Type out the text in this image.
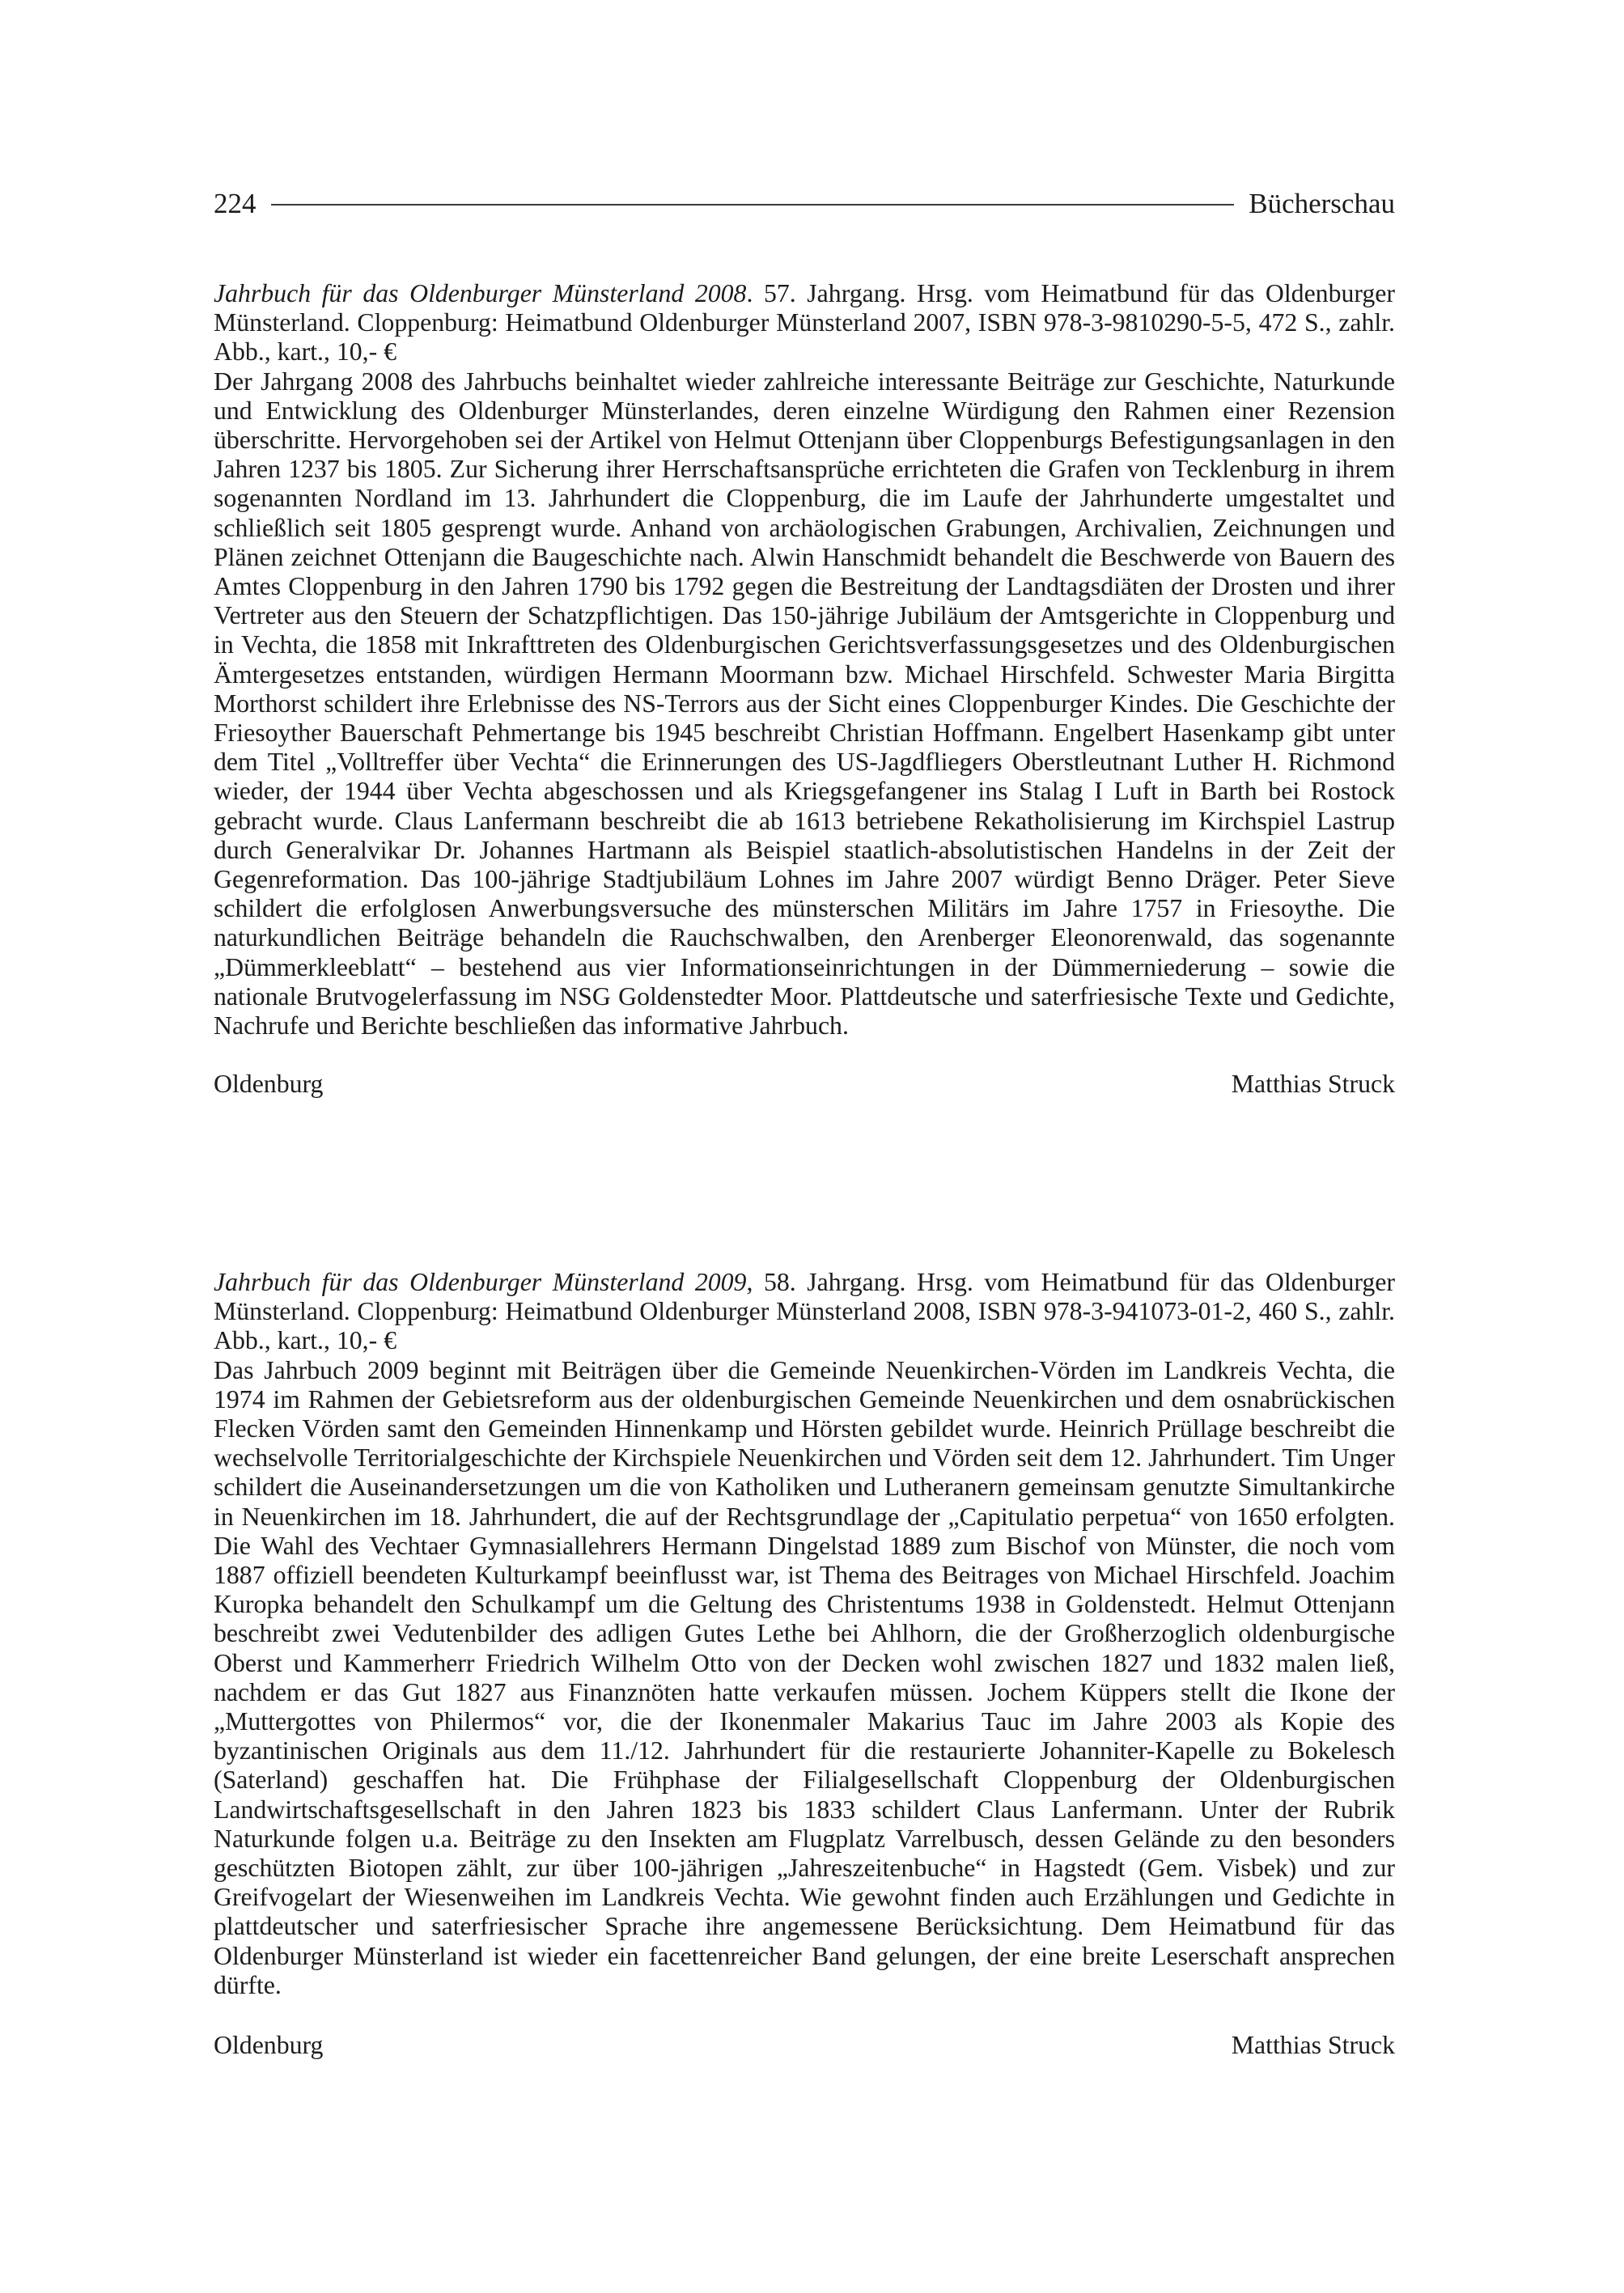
224	Bücherschau

Jahrbuch für das Oldenburger Münsterland 2008. 57. Jahrgang. Hrsg. vom Heimatbund für das Oldenburger Münsterland. Cloppenburg: Heimatbund Oldenburger Münsterland 2007, ISBN 978-3-9810290-5-5, 472 S., zahlr. Abb., kart., 10,- €

Der Jahrgang 2008 des Jahrbuchs beinhaltet wieder zahlreiche interessante Beiträge zur Geschichte, Naturkunde und Entwicklung des Oldenburger Münsterlandes, deren einzelne Würdigung den Rahmen einer Rezension überschritte. Hervorgehoben sei der Artikel von Helmut Ottenjann über Cloppenburgs Befestigungsanlagen in den Jahren 1237 bis 1805. Zur Sicherung ihrer Herrschaftsansprüche errichteten die Grafen von Tecklenburg in ihrem sogenannten Nordland im 13. Jahrhundert die Cloppenburg, die im Laufe der Jahrhunderte umgestaltet und schließlich seit 1805 gesprengt wurde. Anhand von archäologischen Grabungen, Archivalien, Zeichnungen und Plänen zeichnet Ottenjann die Baugeschichte nach. Alwin Hanschmidt behandelt die Beschwerde von Bauern des Amtes Cloppenburg in den Jahren 1790 bis 1792 gegen die Bestreitung der Landtagsdiäten der Drosten und ihrer Vertreter aus den Steuern der Schatzpflichtigen. Das 150-jährige Jubiläum der Amtsgerichte in Cloppenburg und in Vechta, die 1858 mit Inkrafttreten des Oldenburgischen Gerichtsverfassungsgesetzes und des Oldenburgischen Ämtergesetzes entstanden, würdigen Hermann Moormann bzw. Michael Hirschfeld. Schwester Maria Birgitta Morthorst schildert ihre Erlebnisse des NS-Terrors aus der Sicht eines Cloppenburger Kindes. Die Geschichte der Friesoyther Bauerschaft Pehmertange bis 1945 beschreibt Christian Hoffmann. Engelbert Hasenkamp gibt unter dem Titel „Volltreffer über Vechta“ die Erinnerungen des US-Jagdfliegers Oberstleutnant Luther H. Richmond wieder, der 1944 über Vechta abgeschossen und als Kriegsgefangener ins Stalag I Luft in Barth bei Rostock gebracht wurde. Claus Lanfermann beschreibt die ab 1613 betriebene Rekatholisierung im Kirchspiel Lastrup durch Generalvikar Dr. Johannes Hartmann als Beispiel staatlich-absolutistischen Handelns in der Zeit der Gegenreformation. Das 100-jährige Stadtjubiläum Lohnes im Jahre 2007 würdigt Benno Dräger. Peter Sieve schildert die erfolglosen Anwerbungsversuche des münsterschen Militärs im Jahre 1757 in Friesoythe. Die naturkundlichen Beiträge behandeln die Rauchschwalben, den Arenberger Eleonorenwald, das sogenannte „Dümmerkleeblatt“ – bestehend aus vier Informationseinrichtungen in der Dümmerniederung – sowie die nationale Brutvogelerfassung im NSG Goldenstedter Moor. Plattdeutsche und saterfriesische Texte und Gedichte, Nachrufe und Berichte beschließen das informative Jahrbuch.

Oldenburg	Matthias Struck

Jahrbuch für das Oldenburger Münsterland 2009, 58. Jahrgang. Hrsg. vom Heimatbund für das Oldenburger Münsterland. Cloppenburg: Heimatbund Oldenburger Münsterland 2008, ISBN 978-3-941073-01-2, 460 S., zahlr. Abb., kart., 10,- €

Das Jahrbuch 2009 beginnt mit Beiträgen über die Gemeinde Neuenkirchen-Vörden im Landkreis Vechta, die 1974 im Rahmen der Gebietsreform aus der oldenburgischen Gemeinde Neuenkirchen und dem osnabrückischen Flecken Vörden samt den Gemeinden Hinnenkamp und Hörsten gebildet wurde. Heinrich Prüllage beschreibt die wechselvolle Territorialgeschichte der Kirchspiele Neuenkirchen und Vörden seit dem 12. Jahrhundert. Tim Unger schildert die Auseinandersetzungen um die von Katholiken und Lutheranern gemeinsam genutzte Simultankirche in Neuenkirchen im 18. Jahrhundert, die auf der Rechtsgrundlage der „Capitulatio perpetua“ von 1650 erfolgten. Die Wahl des Vechtaer Gymnasiallehrers Hermann Dingelstad 1889 zum Bischof von Münster, die noch vom 1887 offiziell beendeten Kulturkampf beeinflusst war, ist Thema des Beitrages von Michael Hirschfeld. Joachim Kuropka behandelt den Schulkampf um die Geltung des Christentums 1938 in Goldenstedt. Helmut Ottenjann beschreibt zwei Vedutenbilder des adligen Gutes Lethe bei Ahlhorn, die der Großherzoglich oldenburgische Oberst und Kammerherr Friedrich Wilhelm Otto von der Decken wohl zwischen 1827 und 1832 malen ließ, nachdem er das Gut 1827 aus Finanznöten hatte verkaufen müssen. Jochem Küppers stellt die Ikone der „Muttergottes von Philermos“ vor, die der Ikonenmaler Makarius Tauc im Jahre 2003 als Kopie des byzantinischen Originals aus dem 11./12. Jahrhundert für die restaurierte Johanniter-Kapelle zu Bokelesch (Saterland) geschaffen hat. Die Frühphase der Filialgesellschaft Cloppenburg der Oldenburgischen Landwirtschaftsgesellschaft in den Jahren 1823 bis 1833 schildert Claus Lanfermann. Unter der Rubrik Naturkunde folgen u.a. Beiträge zu den Insekten am Flugplatz Varrelbusch, dessen Gelände zu den besonders geschützten Biotopen zählt, zur über 100-jährigen „Jahreszeitenbuche“ in Hagstedt (Gem. Visbek) und zur Greifvogelart der Wiesenweihen im Landkreis Vechta. Wie gewohnt finden auch Erzählungen und Gedichte in plattdeutscher und saterfriesischer Sprache ihre angemessene Berücksichtung. Dem Heimatbund für das Oldenburger Münsterland ist wieder ein facettenreicher Band gelungen, der eine breite Leserschaft ansprechen dürfte.

Oldenburg	Matthias Struck
